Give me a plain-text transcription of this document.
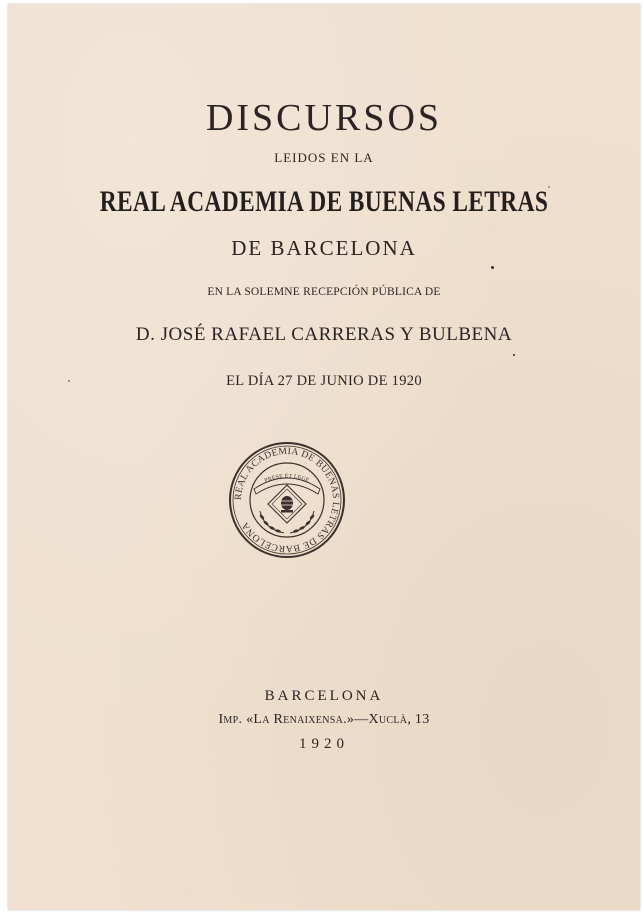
DISCURSOS
LEIDOS EN LA
REAL ACADEMIA DE BUENAS LETRAS
DE BARCELONA
EN LA SOLEMNE RECEPCIÓN PÚBLICA DE
D. JOSÉ RAFAEL CARRERAS Y BULBENA
EL DÍA 27 DE JUNIO DE 1920
REAL ACADEMIA DE BUENAS LETRAS DE BARCELONA
PRESE ET LEGE
BARCELONA
Imp. «La Renaixensa.»—Xuclà, 13
1920
